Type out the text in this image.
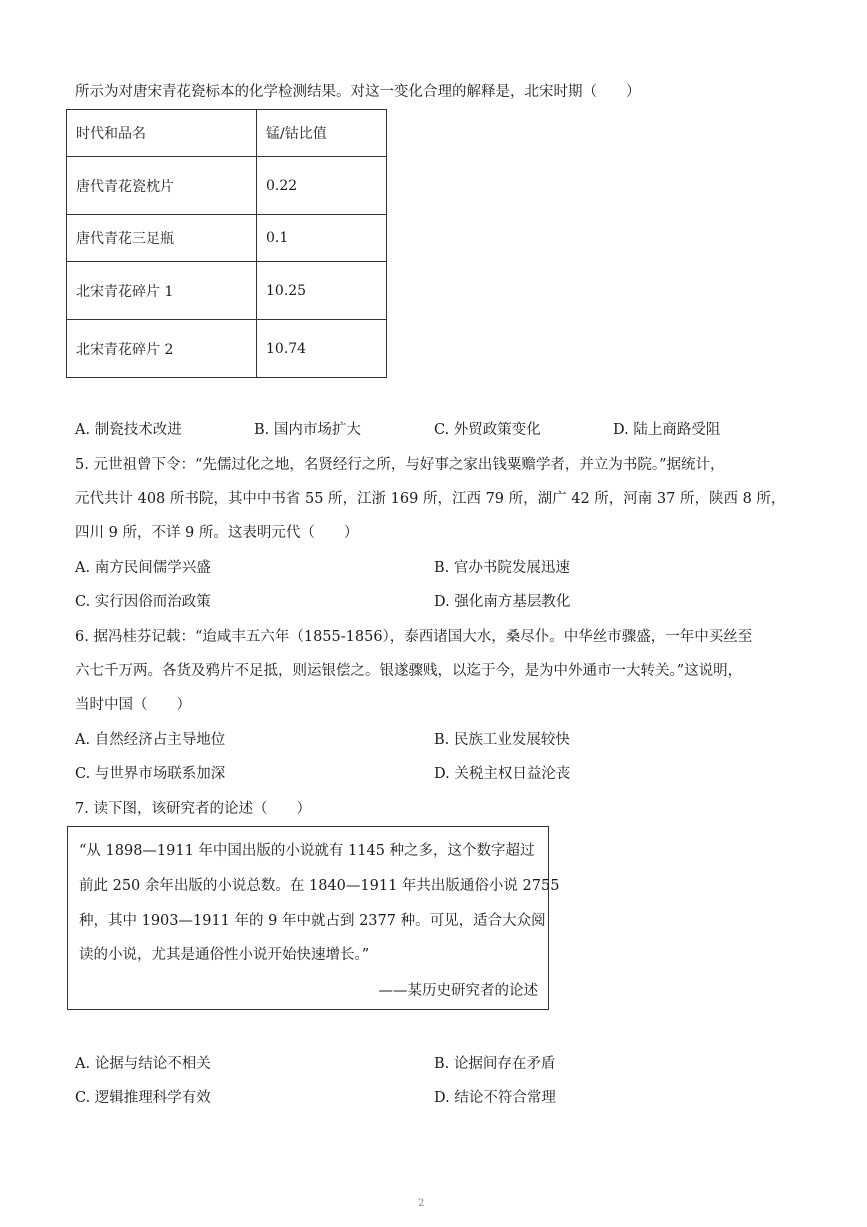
所示为对唐宋青花瓷标本的化学检测结果。对这一变化合理的解释是，北宋时期（　　）
时代和品名	锰/钴比值
唐代青花瓷枕片	0.22
唐代青花三足瓶	0.1
北宋青花碎片 1	10.25
北宋青花碎片 2	10.74
A. 制瓷技术改进	B. 国内市场扩大	C. 外贸政策变化	D. 陆上商路受阻
5. 元世祖曾下令：“先儒过化之地，名贤经行之所，与好事之家出钱粟赡学者，并立为书院。”据统计，
元代共计 408 所书院，其中中书省 55 所，江浙 169 所，江西 79 所，湖广 42 所，河南 37 所，陕西 8 所，
四川 9 所，不详 9 所。这表明元代（　　）
A. 南方民间儒学兴盛	B. 官办书院发展迅速
C. 实行因俗而治政策	D. 强化南方基层教化
6. 据冯桂芬记载：“迨咸丰五六年（1855-1856），泰西诸国大水，桑尽仆。中华丝市骤盛，一年中买丝至
六七千万两。各货及鸦片不足抵，则运银偿之。银遂骤贱，以迄于今，是为中外通市一大转关。”这说明，
当时中国（　　）
A. 自然经济占主导地位	B. 民族工业发展较快
C. 与世界市场联系加深	D. 关税主权日益沦丧
7. 读下图，该研究者的论述（　　）
“从 1898—1911 年中国出版的小说就有 1145 种之多，这个数字超过
前此 250 余年出版的小说总数。在 1840—1911 年共出版通俗小说 2755
种，其中 1903—1911 年的 9 年中就占到 2377 种。可见，适合大众阅
读的小说，尤其是通俗性小说开始快速增长。”
——某历史研究者的论述
A. 论据与结论不相关	B. 论据间存在矛盾
C. 逻辑推理科学有效	D. 结论不符合常理
2
